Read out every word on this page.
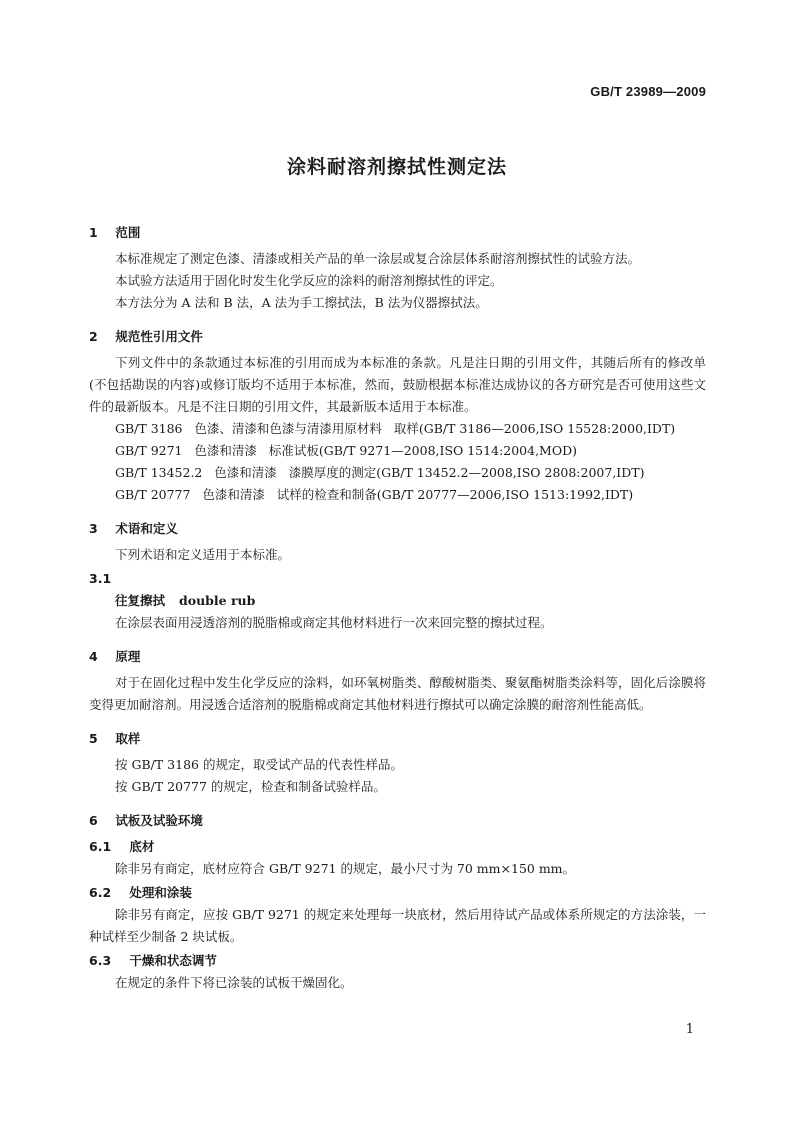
GB/T 23989—2009
涂料耐溶剂擦拭性测定法
1 范围
本标准规定了测定色漆、清漆或相关产品的单一涂层或复合涂层体系耐溶剂擦拭性的试验方法。
本试验方法适用于固化时发生化学反应的涂料的耐溶剂擦拭性的评定。
本方法分为 A 法和 B 法，A 法为手工擦拭法，B 法为仪器擦拭法。
2 规范性引用文件
下列文件中的条款通过本标准的引用而成为本标准的条款。凡是注日期的引用文件，其随后所有的修改单(不包括勘误的内容)或修订版均不适用于本标准，然而，鼓励根据本标准达成协议的各方研究是否可使用这些文件的最新版本。凡是不注日期的引用文件，其最新版本适用于本标准。
GB/T 3186   色漆、清漆和色漆与清漆用原材料   取样(GB/T 3186—2006,ISO 15528:2000,IDT)
GB/T 9271   色漆和清漆   标准试板(GB/T 9271—2008,ISO 1514:2004,MOD)
GB/T 13452.2   色漆和清漆   漆膜厚度的测定(GB/T 13452.2—2008,ISO 2808:2007,IDT)
GB/T 20777   色漆和清漆   试样的检查和制备(GB/T 20777—2006,ISO 1513:1992,IDT)
3 术语和定义
下列术语和定义适用于本标准。
3.1
往复擦拭 double rub
在涂层表面用浸透溶剂的脱脂棉或商定其他材料进行一次来回完整的擦拭过程。
4 原理
对于在固化过程中发生化学反应的涂料，如环氧树脂类、醇酸树脂类、聚氨酯树脂类涂料等，固化后涂膜将变得更加耐溶剂。用浸透合适溶剂的脱脂棉或商定其他材料进行擦拭可以确定涂膜的耐溶剂性能高低。
5 取样
按 GB/T 3186 的规定，取受试产品的代表性样品。
按 GB/T 20777 的规定，检查和制备试验样品。
6 试板及试验环境
6.1 底材
除非另有商定，底材应符合 GB/T 9271 的规定，最小尺寸为 70 mm×150 mm。
6.2 处理和涂装
除非另有商定，应按 GB/T 9271 的规定来处理每一块底材，然后用待试产品或体系所规定的方法涂装，一种试样至少制备 2 块试板。
6.3 干燥和状态调节
在规定的条件下将已涂装的试板干燥固化。
1
